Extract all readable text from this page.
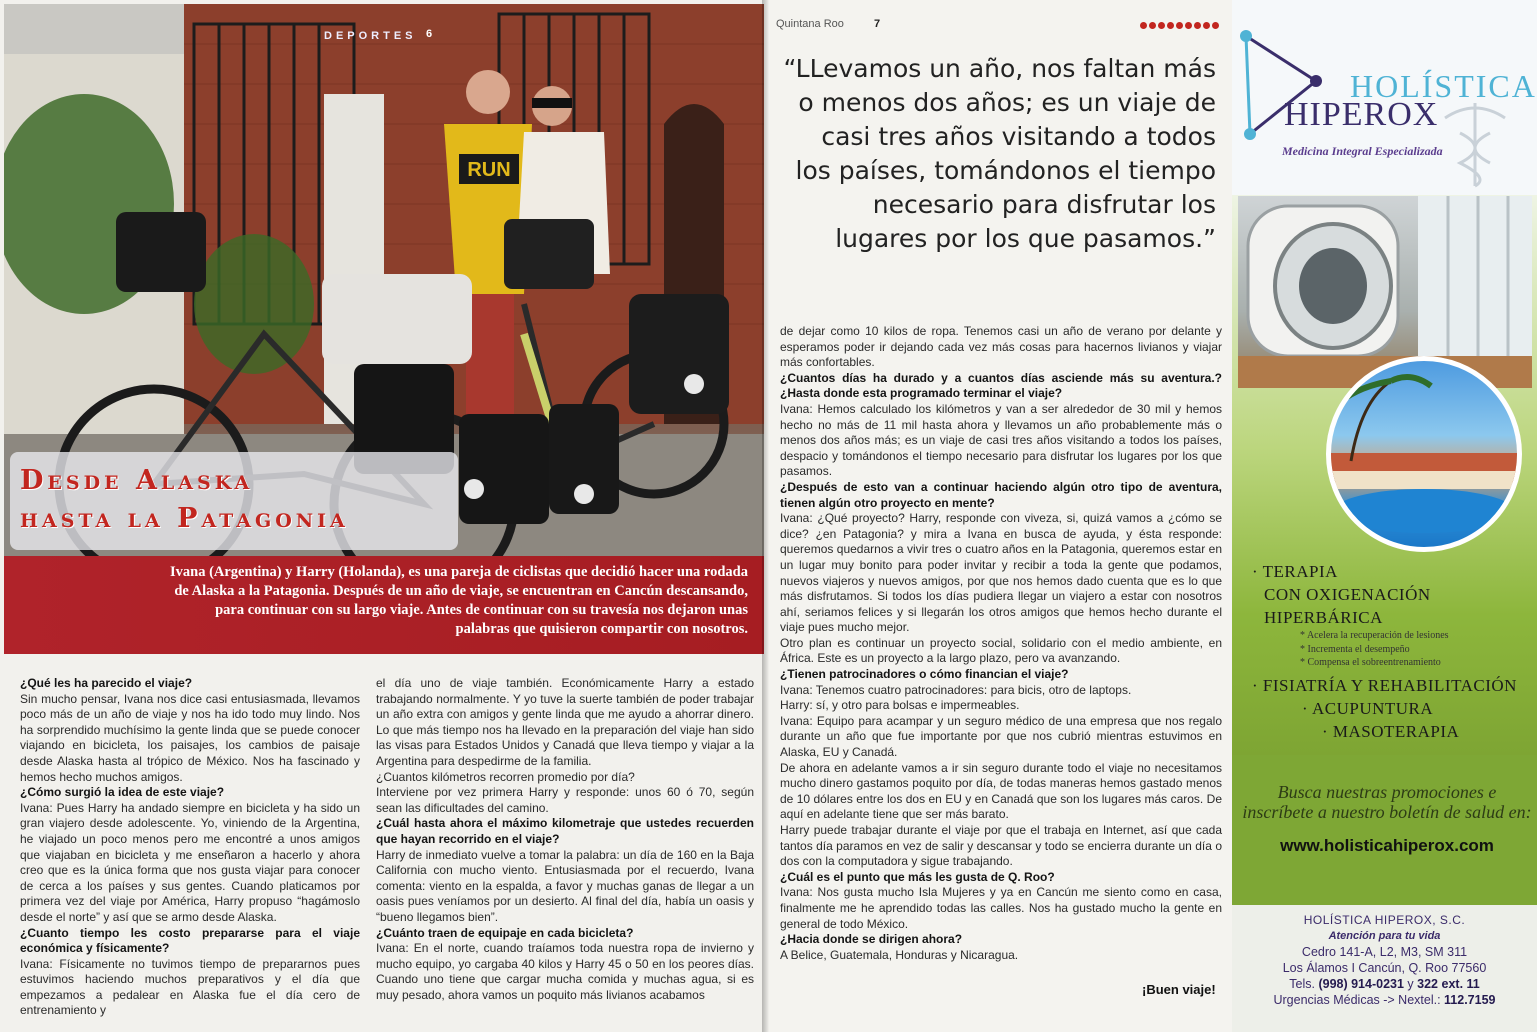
RUN
DEPORTES 6
Desde Alaska
hasta la Patagonia
Ivana (Argentina) y Harry (Holanda), es una pareja de ciclistas que decidió hacer una rodada de Alaska a la Patagonia. Después de un año de viaje, se encuentran en Cancún descansando, para continuar con su largo viaje. Antes de continuar con su travesía nos dejaron unas palabras que quisieron compartir con nosotros.

¿Qué les ha parecido el viaje?

Sin mucho pensar, Ivana nos dice casi entusiasmada, llevamos poco más de un año de viaje y nos ha ido todo muy lindo. Nos ha sorprendido muchísimo la gente linda que se puede conocer viajando en bicicleta, los paisajes, los cambios de paisaje desde Alaska hasta al trópico de México. Nos ha fascinado y hemos hecho muchos amigos.

¿Cómo surgió la idea de este viaje?

Ivana: Pues Harry ha andado siempre en bicicleta y ha sido un gran viajero desde adolescente. Yo, viniendo de la Argentina, he viajado un poco menos pero me encontré a unos amigos que viajaban en bicicleta y me enseñaron a hacerlo y ahora creo que es la única forma que nos gusta viajar para conocer de cerca a los países y sus gentes. Cuando platicamos por primera vez del viaje por América, Harry propuso “hagámoslo desde el norte” y así que se armo desde Alaska.

¿Cuanto tiempo les costo prepararse para el viaje económica y físicamente?

Ivana: Físicamente no tuvimos tiempo de prepararnos pues estuvimos haciendo muchos preparativos y el día que empezamos a pedalear en Alaska fue el día cero de entrenamiento y

el día uno de viaje también. Económicamente Harry a estado trabajando normalmente. Y yo tuve la suerte también de poder trabajar un año extra con amigos y gente linda que me ayudo a ahorrar dinero. Lo que más tiempo nos ha llevado en la preparación del viaje han sido las visas para Estados Unidos y Canadá que lleva tiempo y viajar a la Argentina para despedirme de la familia.

¿Cuantos kilómetros recorren promedio por día?

Interviene por vez primera Harry y responde: unos 60 ó 70, según sean las dificultades del camino.

¿Cuál hasta ahora el máximo kilometraje que ustedes recuerden que hayan recorrido en el viaje?

Harry de inmediato vuelve a tomar la palabra: un día de 160 en la Baja California con mucho viento. Entusiasmada por el recuerdo, Ivana comenta: viento en la espalda, a favor y muchas ganas de llegar a un oasis pues veníamos por un desierto. Al final del día, había un oasis y “bueno llegamos bien”.

¿Cuánto traen de equipaje en cada bicicleta?

Ivana: En el norte, cuando traíamos toda nuestra ropa de invierno y mucho equipo, yo cargaba 40 kilos y Harry 45 o 50 en los peores días. Cuando uno tiene que cargar mucha comida y muchas agua, si es muy pesado, ahora vamos un poquito más livianos acabamos

Quintana Roo	7
“LLevamos un año, nos faltan más o menos dos años; es un viaje de casi tres años visitando a todos los países, tomándonos el tiempo necesario para disfrutar los lugares por los que pasamos.”

de dejar como 10 kilos de ropa. Tenemos casi un año de verano por delante y esperamos poder ir dejando cada vez más cosas para hacernos livianos y viajar más confortables.

¿Cuantos días ha durado y a cuantos días asciende más su aventura.?¿Hasta donde esta programado terminar el viaje?

Ivana: Hemos calculado los kilómetros y van a ser alrededor de 30 mil y hemos hecho no más de 11 mil hasta ahora y llevamos un año probablemente más o menos dos años más; es un viaje de casi tres años visitando a todos los países, despacio y tomándonos el tiempo necesario para disfrutar los lugares por los que pasamos.

¿Después de esto van a continuar haciendo algún otro tipo de aventura, tienen algún otro proyecto en mente?

Ivana: ¿Qué proyecto? Harry, responde con viveza, si, quizá vamos a ¿cómo se dice? ¿en Patagonia? y mira a Ivana en busca de ayuda, y ésta responde: queremos quedarnos a vivir tres o cuatro años en la Patagonia, queremos estar en un lugar muy bonito para poder invitar y recibir a toda la gente que podamos, nuevos viajeros y nuevos amigos, por que nos hemos dado cuenta que es lo que más disfrutamos. Si todos los días pudiera llegar un viajero a estar con nosotros ahí, seriamos felices y si llegarán los otros amigos que hemos hecho durante el viaje pues mucho mejor.

Otro plan es continuar un proyecto social, solidario con el medio ambiente, en África. Este es un proyecto a la largo plazo, pero va avanzando.

¿Tienen patrocinadores o cómo financian el viaje?

Ivana: Tenemos cuatro patrocinadores: para bicis, otro de laptops.

Harry: sí, y otro para bolsas e impermeables.

Ivana: Equipo para acampar y un seguro médico de una empresa que nos regalo durante un año que fue importante por que nos cubrió mientras estuvimos en Alaska, EU y Canadá.

De ahora en adelante vamos a ir sin seguro durante todo el viaje no necesitamos mucho dinero gastamos poquito por día, de todas maneras hemos gastado menos de 10 dólares entre los dos en EU y en Canadá que son los lugares más caros. De aquí en adelante tiene que ser más barato.

Harry puede trabajar durante el viaje por que el trabaja en Internet, así que cada tantos día paramos en vez de salir y descansar y todo se encierra durante un día o dos con la computadora y sigue trabajando.

¿Cuál es el punto que más les gusta de Q. Roo?

Ivana: Nos gusta mucho Isla Mujeres y ya en Cancún me siento como en casa, finalmente me he aprendido todas las calles. Nos ha gustado mucho la gente en general de todo México.

¿Hacia donde se dirigen ahora?

A Belice, Guatemala, Honduras y Nicaragua.

¡Buen viaje!
HOLÍSTICA
HIPEROX
Medicina Integral Especializada
· TERAPIA
CON OXIGENACIÓN
HIPERBÁRICA
* Acelera la recuperación de lesiones
* Incrementa el desempeño
* Compensa el sobreentrenamiento
· FISIATRÍA Y REHABILITACIÓN
· ACUPUNTURA
· MASOTERAPIA
Busca nuestras promociones e inscríbete a nuestro boletín de salud en:
www.holisticahiperox.com
HOLÍSTICA HIPEROX, S.C.
Atención para tu vida
Cedro 141-A, L2, M3, SM 311
Los Álamos I Cancún, Q. Roo 77560
Tels. (998) 914-0231 y 322 ext. 11
Urgencias Médicas -> Nextel.: 112.7159
